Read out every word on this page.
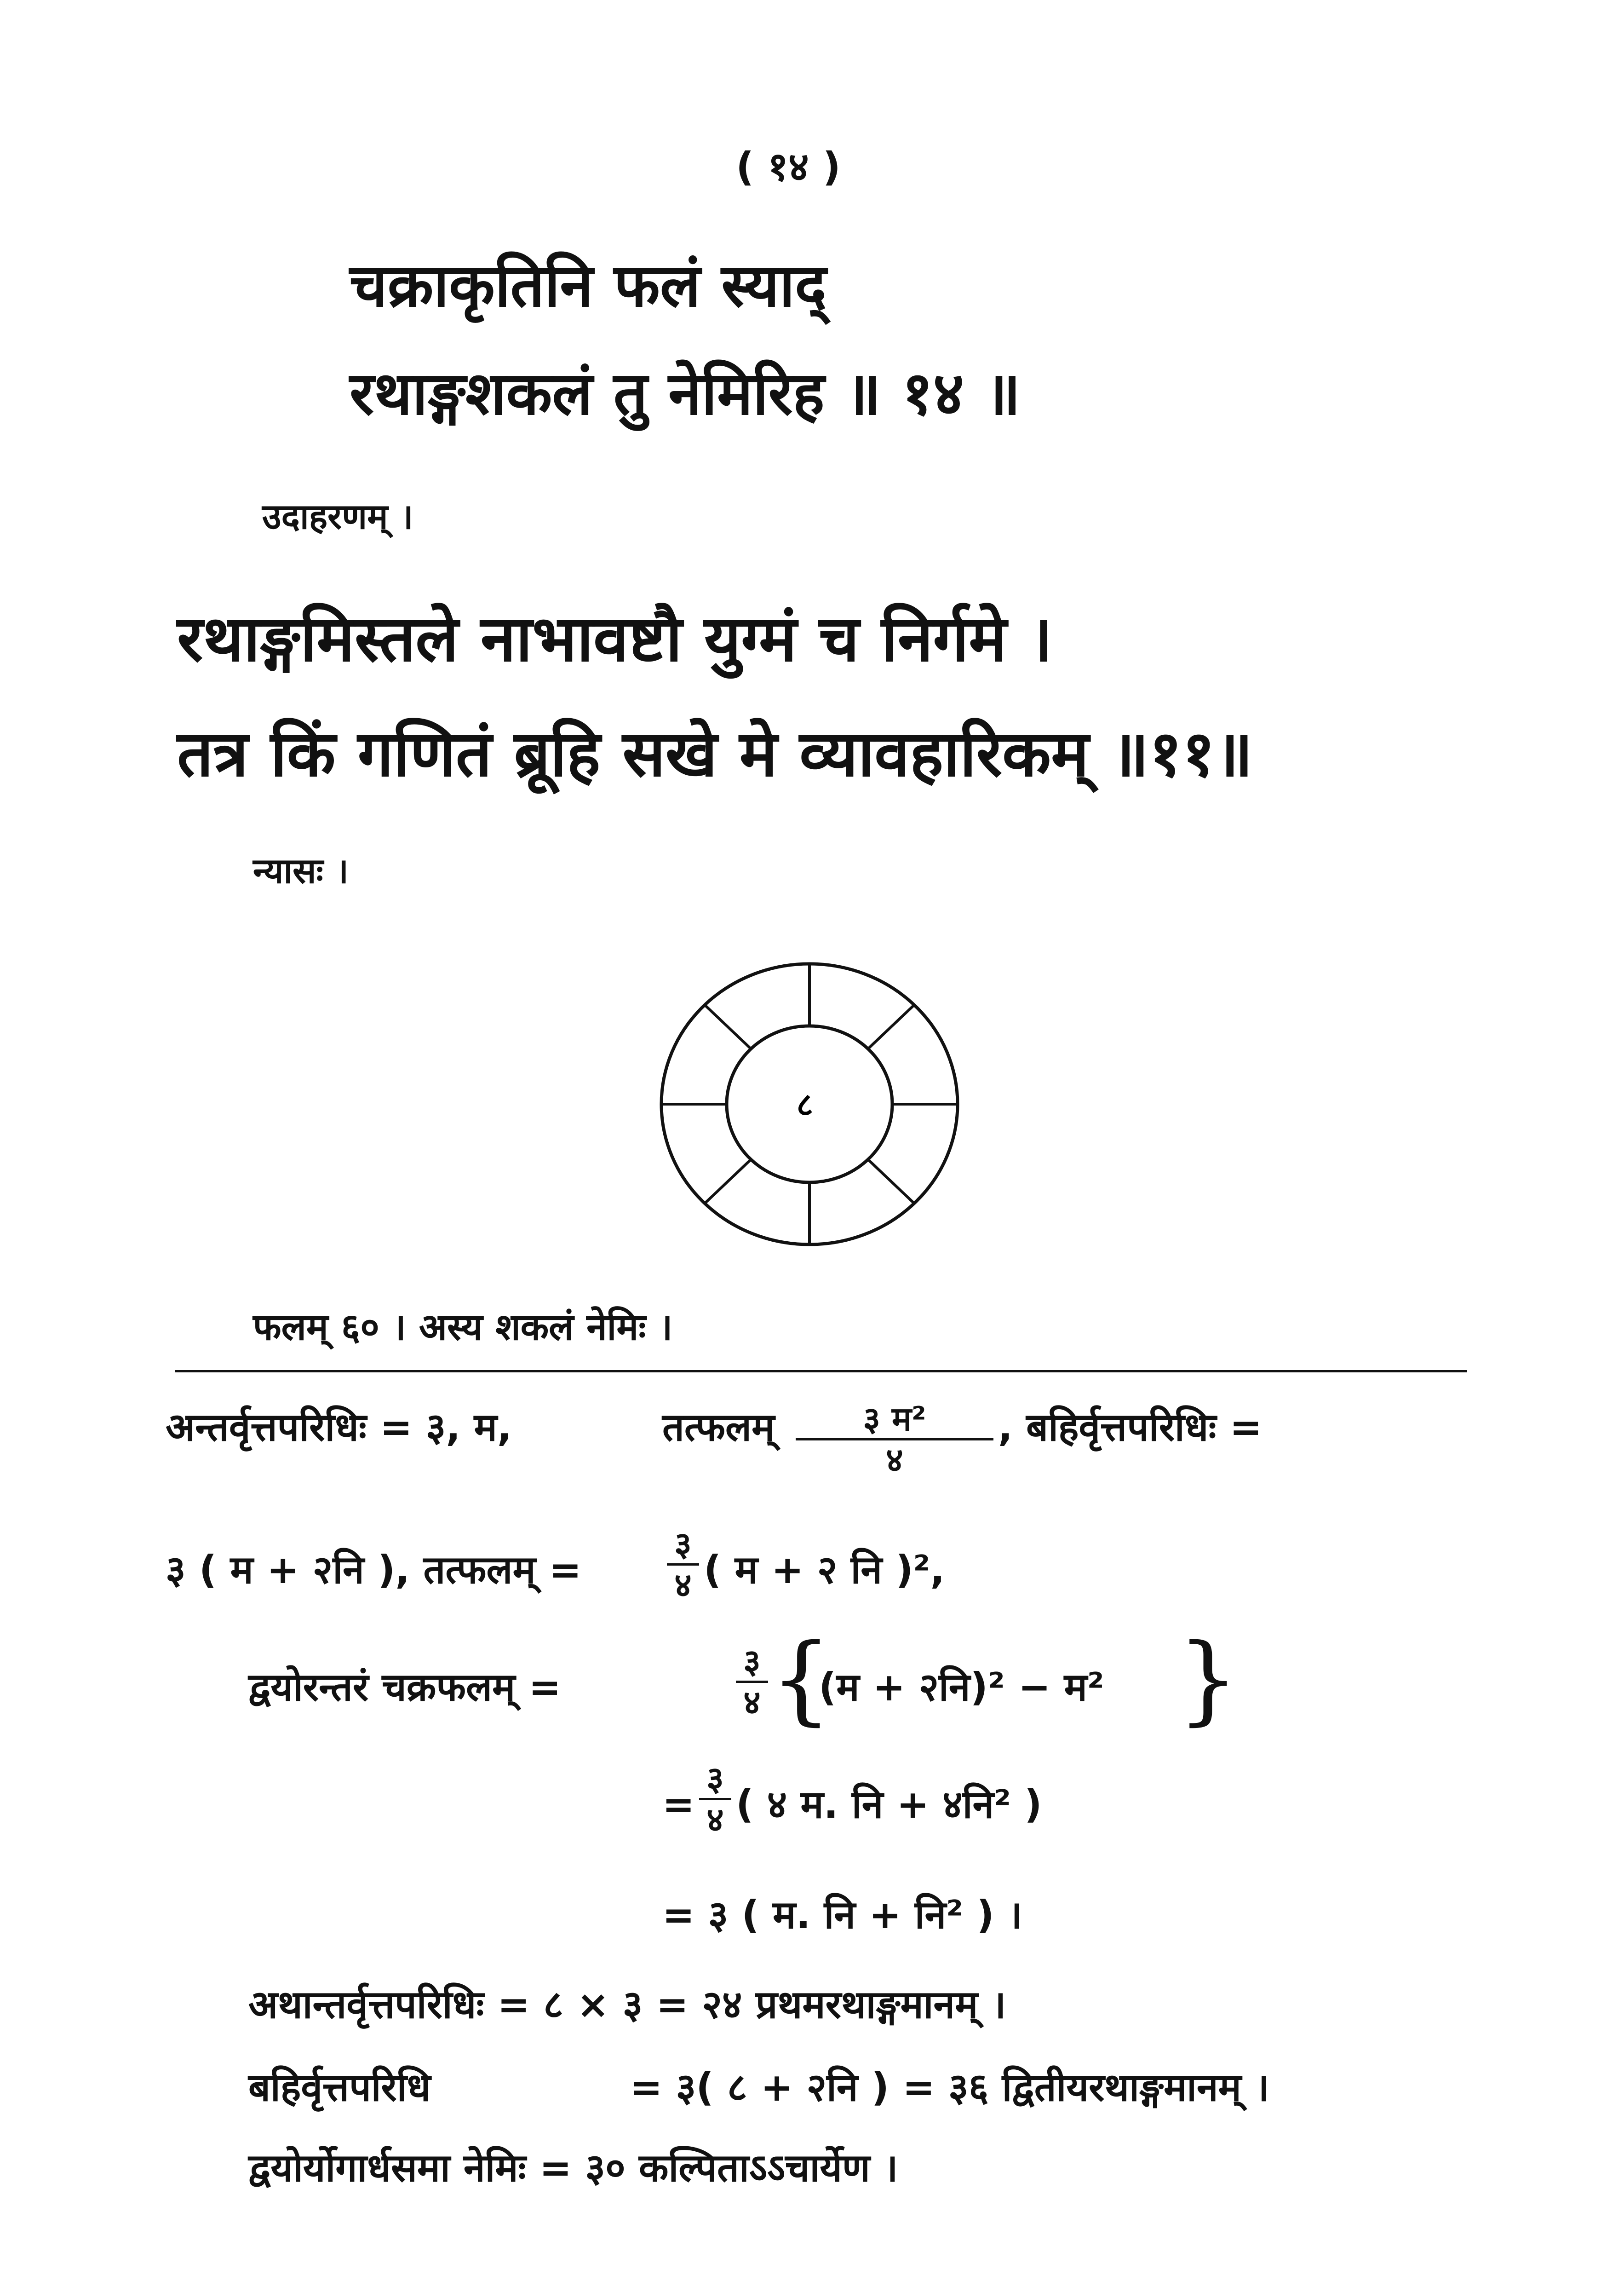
( १४ )
चक्राकृतिनि फलं स्याद्
रथाङ्गशकलं तु नेमिरिह ॥ १४ ॥
उदाहरणम् ।
रथाङ्गमिस्तले नाभावष्टौ युग्मं च निर्गमे ।
तत्र किं गणितं ब्रूहि सखे मे व्यावहारिकम् ॥११॥
न्यासः ।
८
फलम् ६० । अस्य शकलं नेमिः ।
अन्तर्वृत्तपरिधिः = ३, म,	तत्फलम्	३ म²
४
, बहिर्वृत्तपरिधिः =
३ ( म + २नि ), तत्फलम् =
३
४ ( म + २ नि )²,
द्वयोरन्तरं चक्रफलम् =
३
४ {
(म + २नि)² − म² }
=
३
४ ( ४ म. नि + ४नि² )
= ३ ( म. नि + नि² ) ।
अथान्तर्वृत्तपरिधिः = ८ × ३ = २४ प्रथमरथाङ्गमानम् ।
बहिर्वृत्तपरिधि	= ३( ८ + २नि ) = ३६ द्वितीयरथाङ्गमानम् ।
द्वयोर्योगार्धसमा नेमिः = ३० कल्पिताऽऽचार्येण ।
